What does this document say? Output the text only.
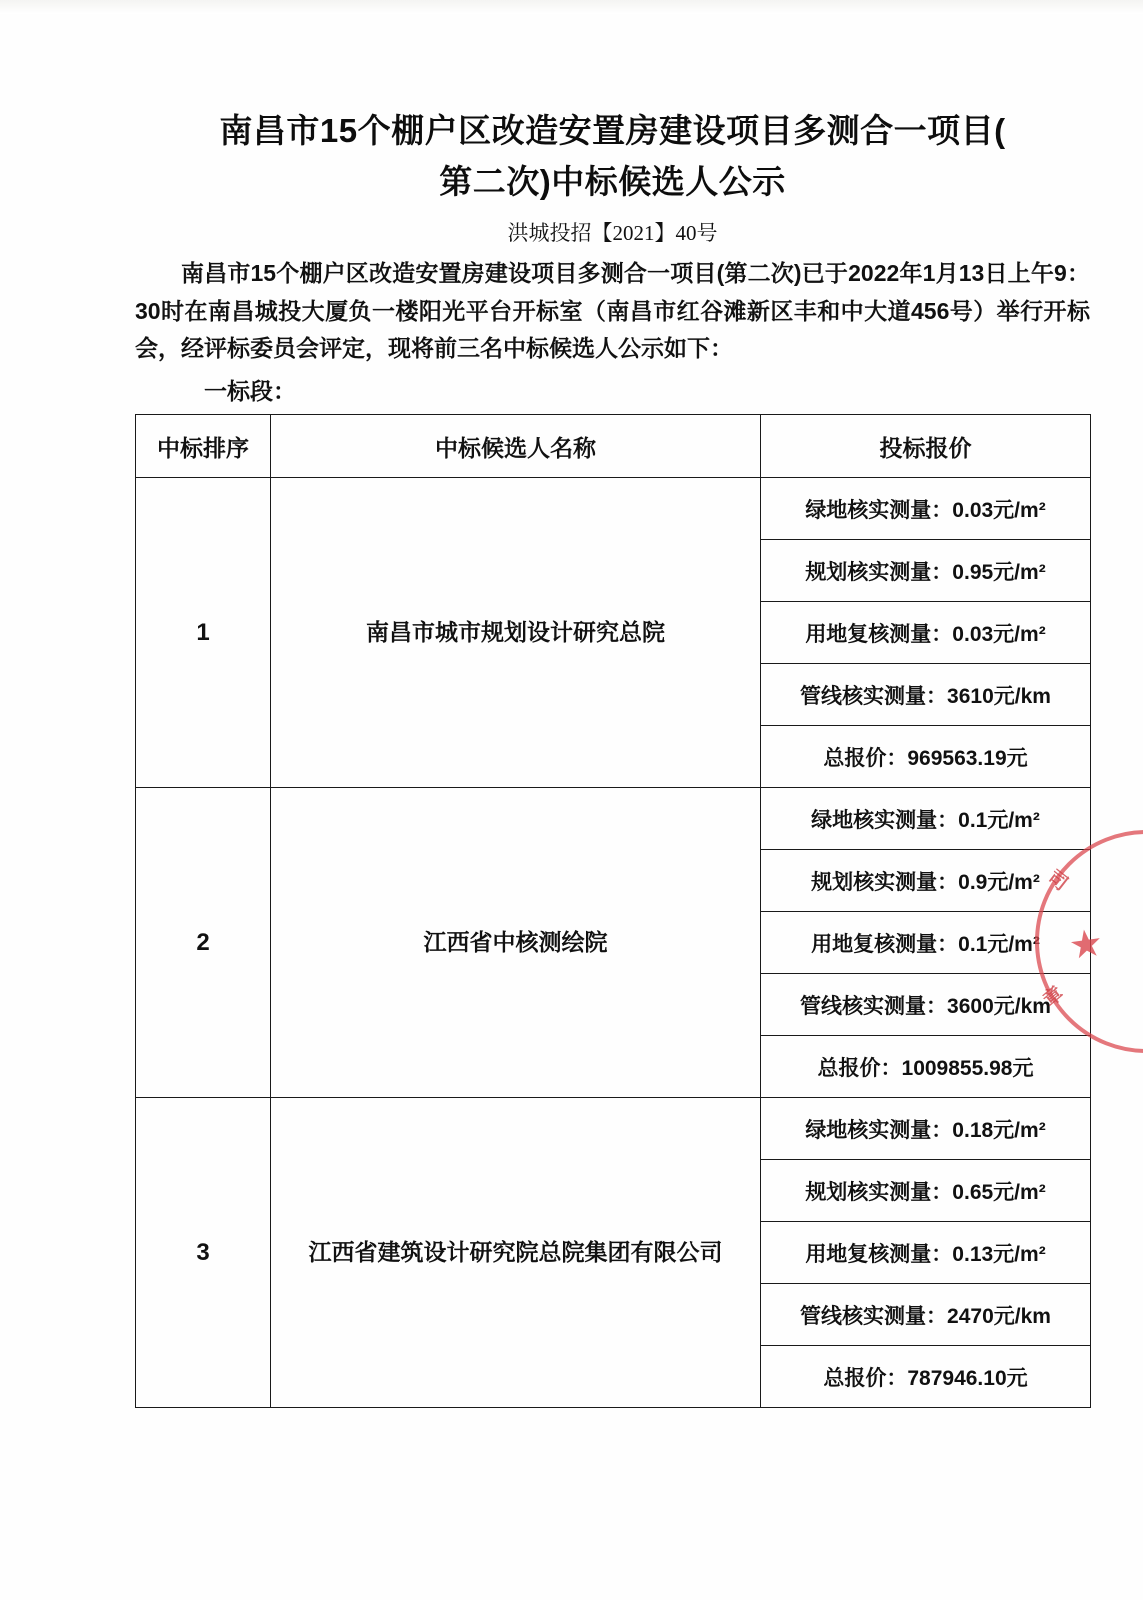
南昌市15个棚户区改造安置房建设项目多测合一项目(
第二次)中标候选人公示
洪城投招【2021】40号
南昌市15个棚户区改造安置房建设项目多测合一项目(第二次)已于2022年1月13日上午9：30时在南昌城投大厦负一楼阳光平台开标室（南昌市红谷滩新区丰和中大道456号）举行开标会，经评标委员会评定，现将前三名中标候选人公示如下：
一标段：
中标排序	中标候选人名称	投标报价
1	南昌市城市规划设计研究总院	绿地核实测量：0.03元/m²
		规划核实测量：0.95元/m²
		用地复核测量：0.03元/m²
		管线核实测量：3610元/km
		总报价：969563.19元
2	江西省中核测绘院	绿地核实测量：0.1元/m²
		规划核实测量：0.9元/m²
		用地复核测量：0.1元/m²
		管线核实测量：3600元/km
		总报价：1009855.98元
3	江西省建筑设计研究院总院集团有限公司	绿地核实测量：0.18元/m²
		规划核实测量：0.65元/m²
		用地复核测量：0.13元/m²
		管线核实测量：2470元/km
		总报价：787946.10元
★
司
章
